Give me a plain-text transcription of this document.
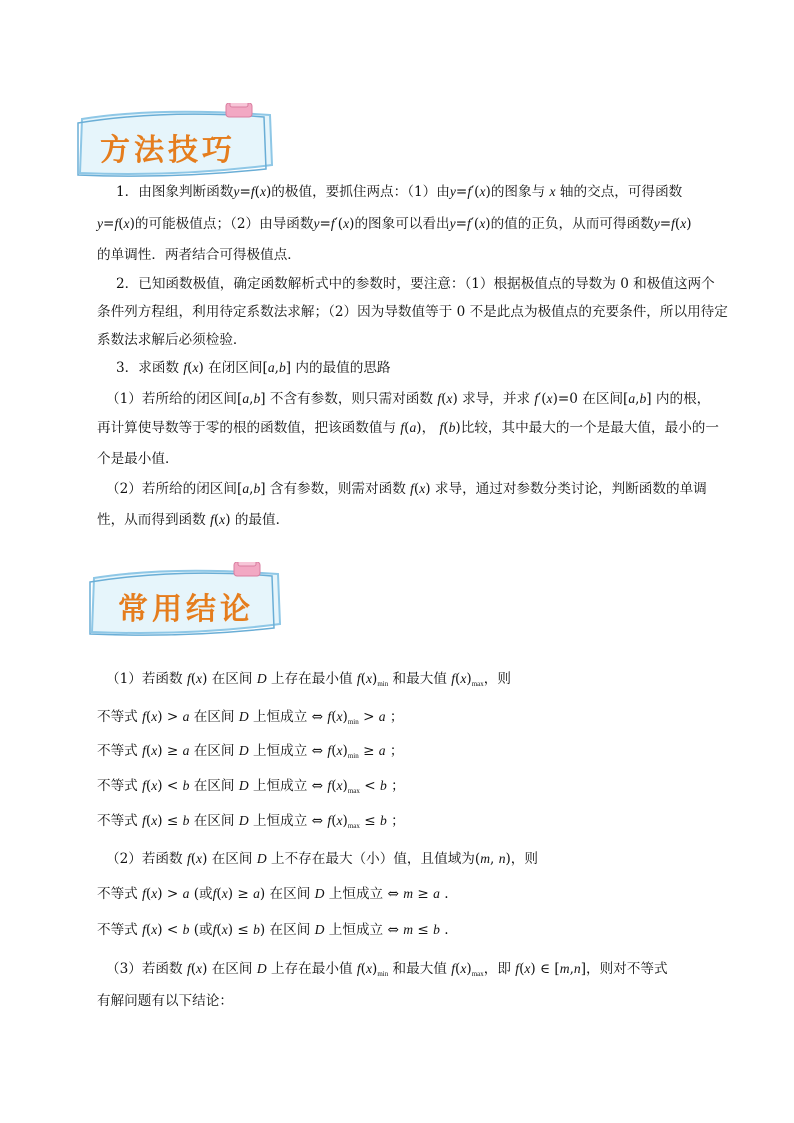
方法技巧
1．由图象判断函数y=f(x)的极值，要抓住两点：（1）由y=f′(x)的图象与 x 轴的交点，可得函数
y=f(x)的可能极值点；（2）由导函数y=f′(x)的图象可以看出y=f′(x)的值的正负，从而可得函数y=f(x)
的单调性．两者结合可得极值点．
2．已知函数极值，确定函数解析式中的参数时，要注意：（1）根据极值点的导数为 0 和极值这两个
条件列方程组，利用待定系数法求解；（2）因为导数值等于 0 不是此点为极值点的充要条件，所以用待定
系数法求解后必须检验．
3．求函数 f(x) 在闭区间[a,b] 内的最值的思路
（1）若所给的闭区间[a,b] 不含有参数，则只需对函数 f(x) 求导，并求 f′(x)=0 在区间[a,b] 内的根，
再计算使导数等于零的根的函数值，把该函数值与 f(a)， f(b)比较，其中最大的一个是最大值，最小的一
个是最小值．
（2）若所给的闭区间[a,b] 含有参数，则需对函数 f(x) 求导，通过对参数分类讨论，判断函数的单调
性，从而得到函数 f(x) 的最值．
常用结论
（1）若函数 f(x) 在区间 D 上存在最小值 $f(x)_{min}$ 和最大值 $f(x)_{max}$，则
不等式 f(x) > a 在区间 D 上恒成立 ⇔ $f(x)_{min} > a$ ；
不等式 f(x) ≥ a 在区间 D 上恒成立 ⇔ $f(x)_{min} \ge a$ ；
不等式 f(x) < b 在区间 D 上恒成立 ⇔ $f(x)_{max} < b$ ；
不等式 f(x) ≤ b 在区间 D 上恒成立 ⇔ $f(x)_{max} \le b$ ；
（2）若函数 f(x) 在区间 D 上不存在最大（小）值，且值域为(m, n)，则
不等式 f(x) > a (或f(x) ≥ a) 在区间 D 上恒成立 ⇔ m ≥ a .
不等式 f(x) < b (或f(x) ≤ b) 在区间 D 上恒成立 ⇔ m ≤ b .
（3）若函数 f(x) 在区间 D 上存在最小值 $f(x)_{min}$ 和最大值 $f(x)_{max}$，即 f(x) ∈ [m,n]，则对不等式
有解问题有以下结论：
